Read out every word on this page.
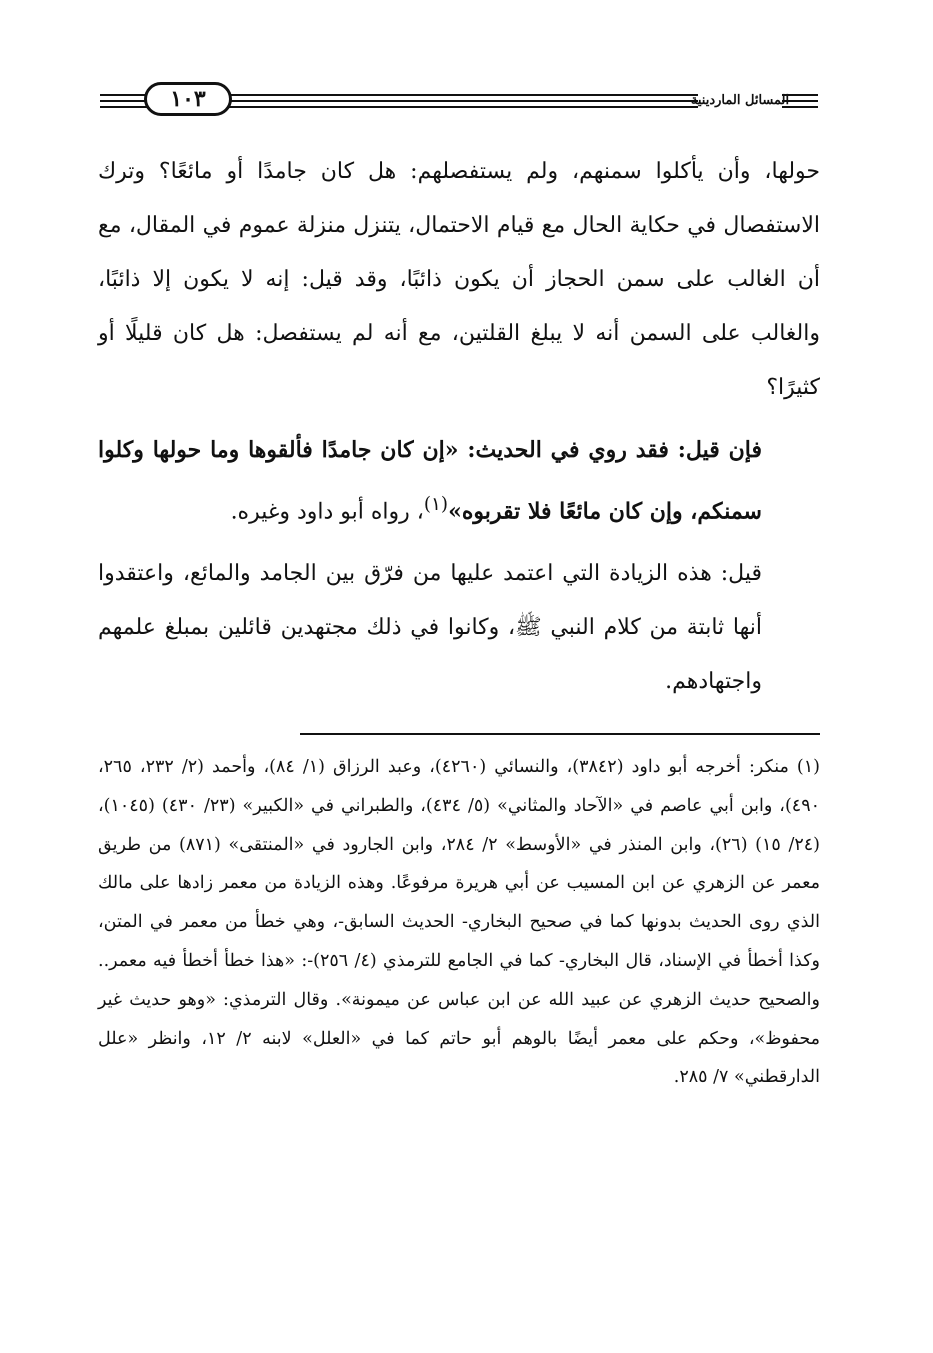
١٠٣	المسائل الماردينية

حولها، وأن يأكلوا سمنهم، ولم يستفصلهم: هل كان جامدًا أو مائعًا؟ وترك الاستفصال في حكاية الحال مع قيام الاحتمال، يتنزل منزلة عموم في المقال، مع أن الغالب على سمن الحجاز أن يكون ذائبًا، وقد قيل: إنه لا يكون إلا ذائبًا، والغالب على السمن أنه لا يبلغ القلتين، مع أنه لم يستفصل: هل كان قليلًا أو كثيرًا؟

فإن قيل: فقد روي في الحديث: «إن كان جامدًا فألقوها وما حولها وكلوا سمنكم، وإن كان مائعًا فلا تقربوه»$^{(١)}$، رواه أبو داود وغيره.

قيل: هذه الزيادة التي اعتمد عليها من فرّق بين الجامد والمائع، واعتقدوا أنها ثابتة من كلام النبي ﷺ، وكانوا في ذلك مجتهدين قائلين بمبلغ علمهم واجتهادهم.

(١) منكر: أخرجه أبو داود (٣٨٤٢)، والنسائي (٤٢٦٠)، وعبد الرزاق (١/ ٨٤)، وأحمد (٢/ ٢٣٢، ٢٦٥، ٤٩٠)، وابن أبي عاصم في «الآحاد والمثاني» (٥/ ٤٣٤)، والطبراني في «الكبير» (٢٣/ ٤٣٠) (١٠٤٥)، (٢٤/ ١٥) (٢٦)، وابن المنذر في «الأوسط» ٢/ ٢٨٤، وابن الجارود في «المنتقى» (٨٧١) من طريق معمر عن الزهري عن ابن المسيب عن أبي هريرة مرفوعًا. وهذه الزيادة من معمر زادها على مالك الذي روى الحديث بدونها كما في صحيح البخاري- الحديث السابق-، وهي خطأ من معمر في المتن، وكذا أخطأ في الإسناد، قال البخاري- كما في الجامع للترمذي (٤/ ٢٥٦)-: «هذا خطأ أخطأ فيه معمر.. والصحيح حديث الزهري عن عبيد الله عن ابن عباس عن ميمونة». وقال الترمذي: «وهو حديث غير محفوظ»، وحكم على معمر أيضًا بالوهم أبو حاتم كما في «العلل» لابنه ٢/ ١٢، وانظر «علل الدارقطني» ٧/ ٢٨٥.
